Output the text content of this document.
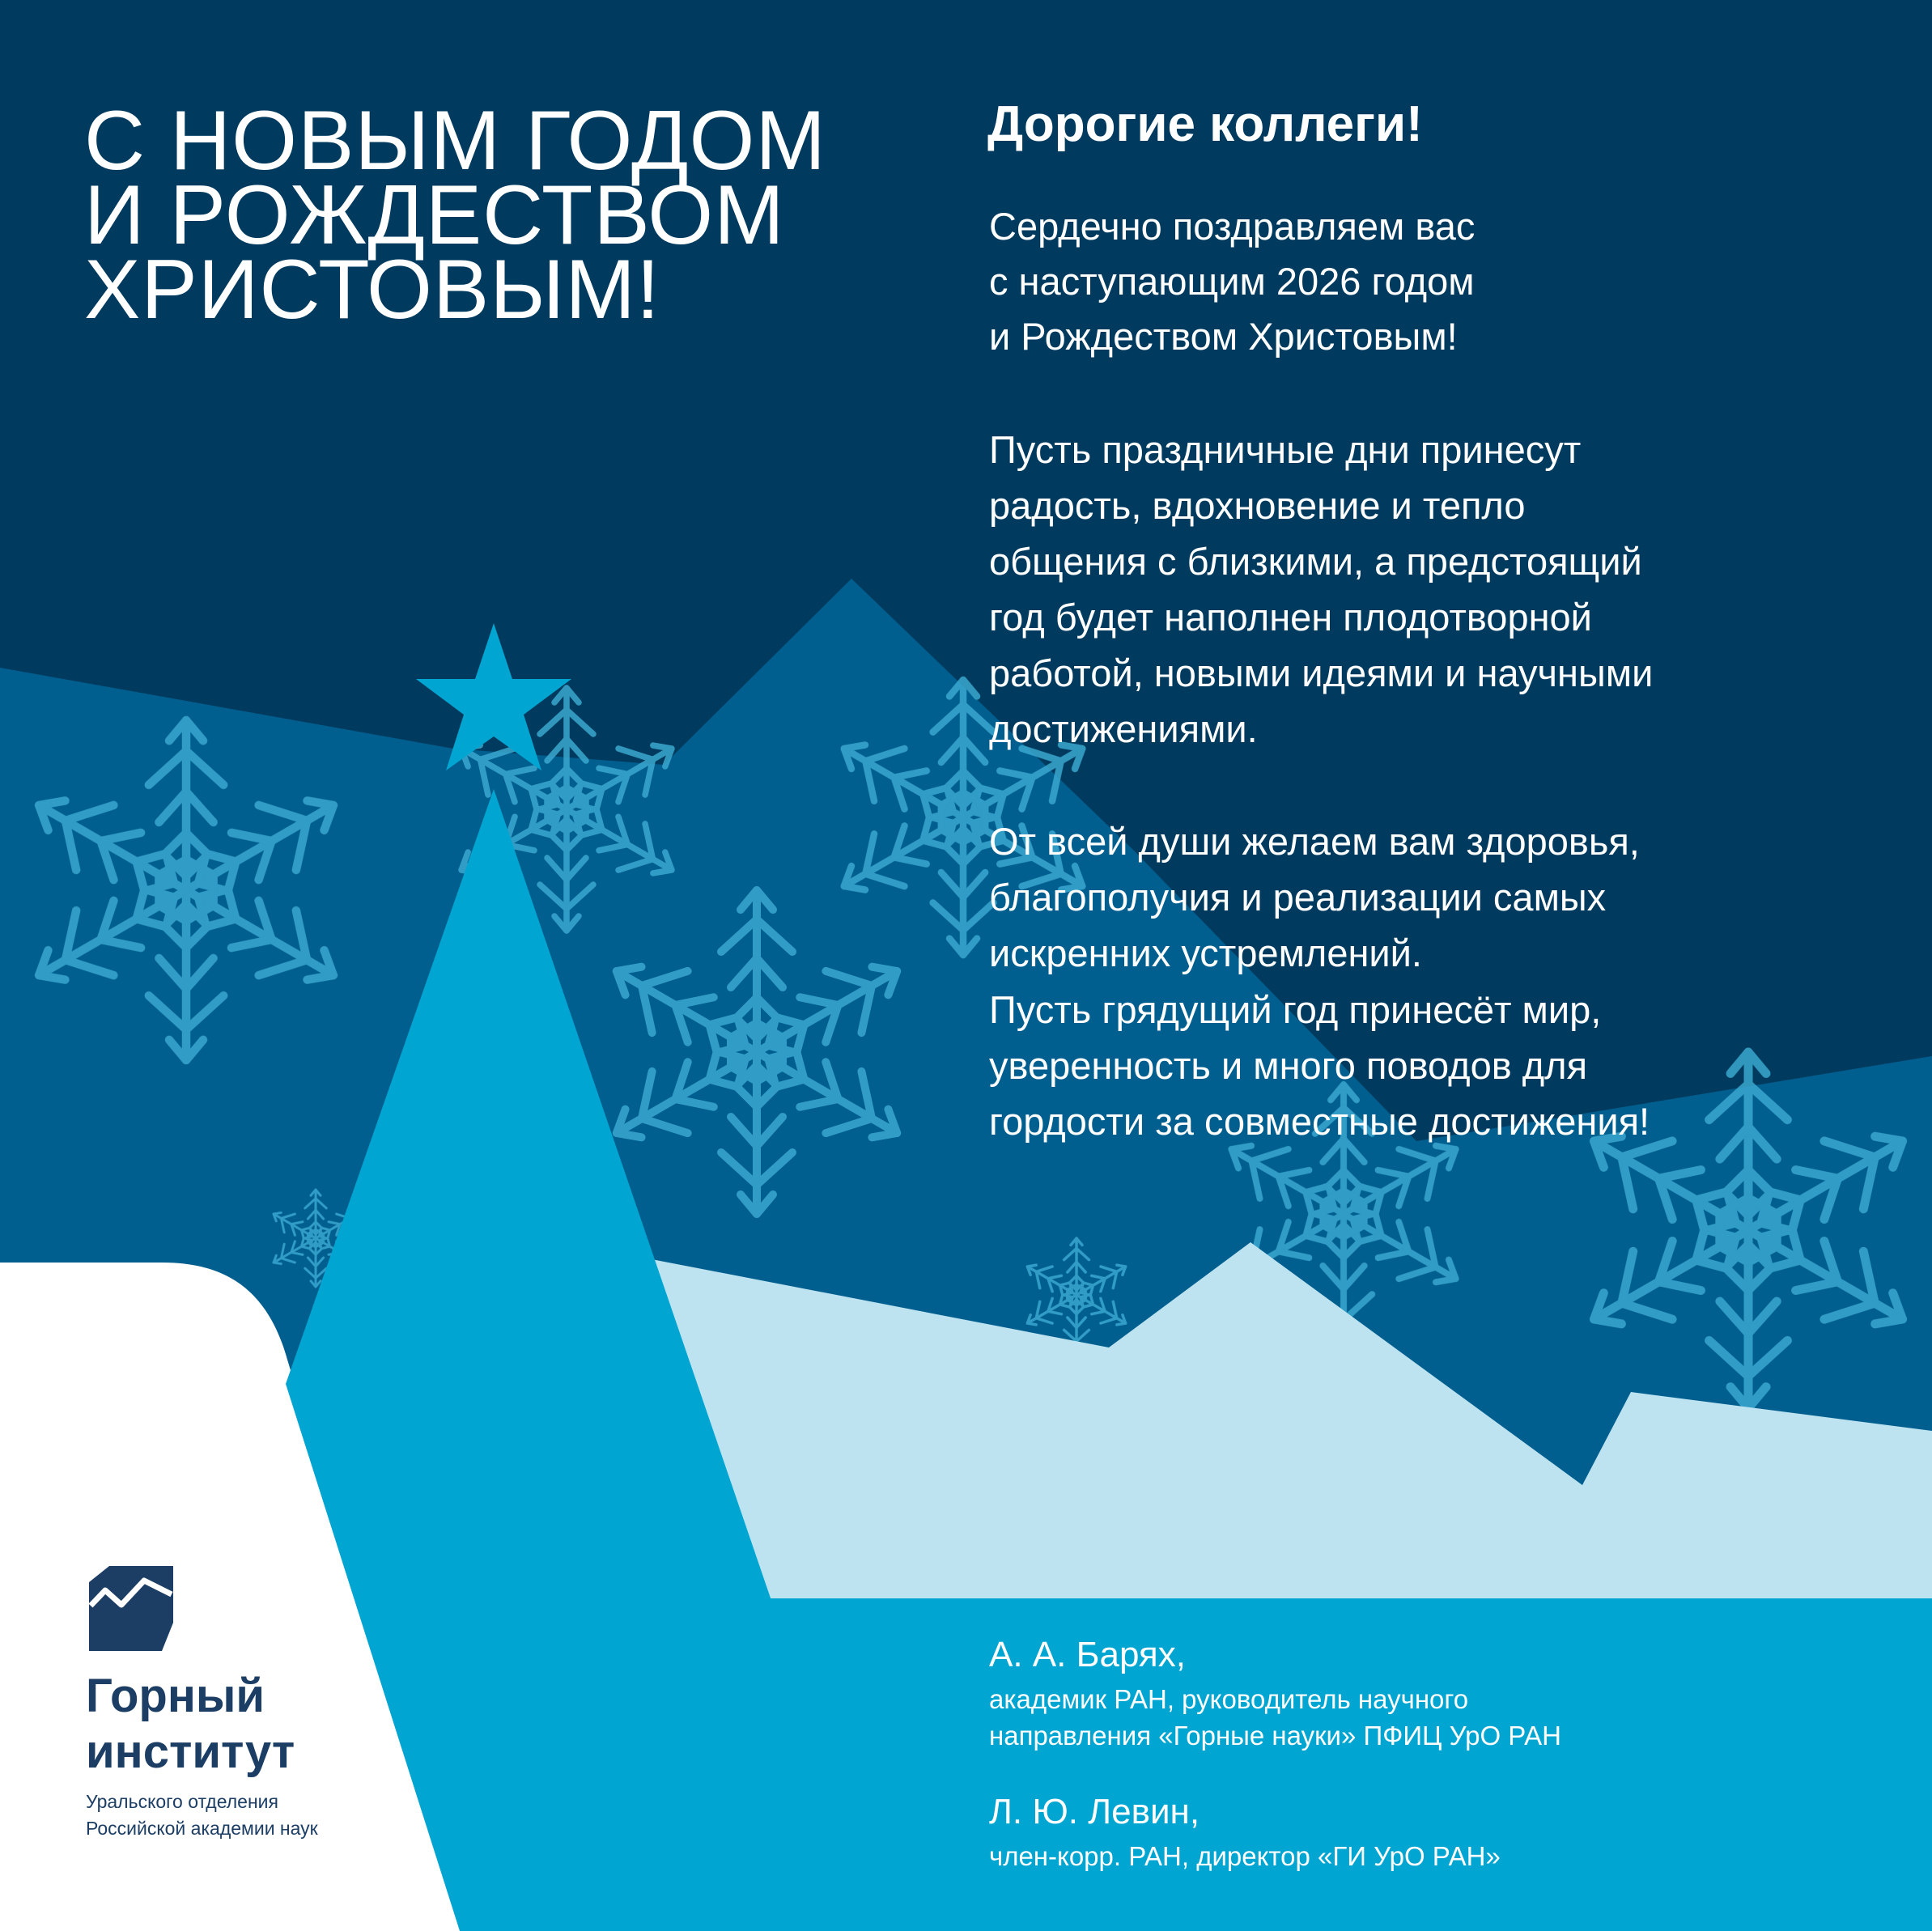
С НОВЫМ ГОДОМ

И РОЖДЕСТВОМ

ХРИСТОВЫМ!

Дорогие коллеги!

Сердечно поздравляем вас

с наступающим 2026 годом

и Рождеством Христовым!

Пусть праздничные дни принесут

радость, вдохновение и тепло

общения с близкими, а предстоящий

год будет наполнен плодотворной

работой, новыми идеями и научными

достижениями.

От всей души желаем вам здоровья,

благополучия и реализации самых

искренних устремлений.

Пусть грядущий год принесёт мир,

уверенность и много поводов для

гордости за совместные достижения!

А. А. Барях,

академик РАН, руководитель научного

направления «Горные науки» ПФИЦ УрО РАН

Л. Ю. Левин,

член-корр. РАН, директор «ГИ УрО РАН»

Горный

институт

Уральского отделения

Российской академии наук
